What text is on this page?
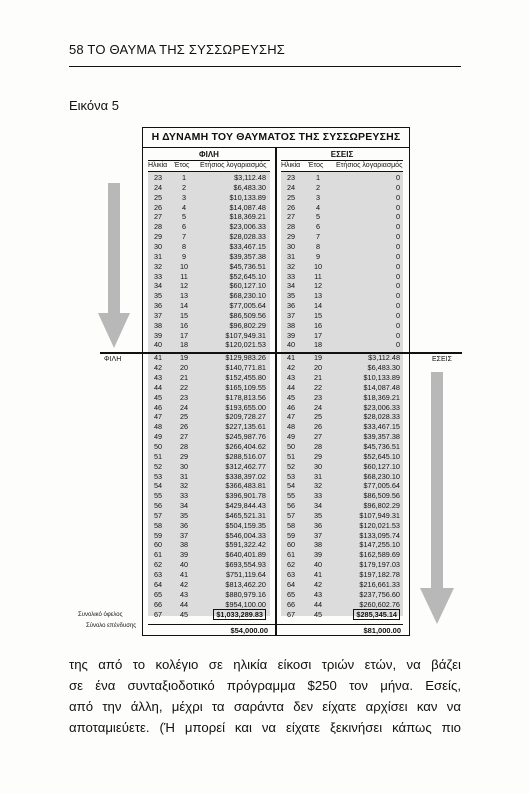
58 ΤΟ ΘΑΥΜΑ ΤΗΣ ΣΥΣΣΩΡΕΥΣΗΣ
Εικόνα 5
Η ΔΥΝΑΜΗ ΤΟΥ ΘΑΥΜΑΤΟΣ ΤΗΣ ΣΥΣΣΩΡΕΥΣΗΣ
ΦΙΛΗ	ΕΣΕΙΣ
Ηλικία Έτος Ετήσιος λογαριασμός Ηλικία Έτος Ετήσιος λογαριασμός
23	1	$3,112.48	23	1	0
24	2	$6,483.30	24	2	0
25	3	$10,133.89	25	3	0
26	4	$14,087.48	26	4	0
27	5	$18,369.21	27	5	0
28	6	$23,006.33	28	6	0
29	7	$28,028.33	29	7	0
30	8	$33,467.15	30	8	0
31	9	$39,357.38	31	9	0
32	10	$45,736.51	32	10	0
33	11	$52,645.10	33	11	0
34	12	$60,127.10	34	12	0
35	13	$68,230.10	35	13	0
36	14	$77,005.64	36	14	0
37	15	$86,509.56	37	15	0
38	16	$96,802.29	38	16	0
39	17	$107,949.31	39	17	0
40	18	$120,021.53	40	18	0
41	19	$129,983.26	41	19	$3,112.48
42	20	$140,771.81	42	20	$6,483.30
43	21	$152,455.80	43	21	$10,133.89
44	22	$165,109.55	44	22	$14,087.48
45	23	$178,813.56	45	23	$18,369.21
46	24	$193,655.00	46	24	$23,006.33
47	25	$209,728.27	47	25	$28,028.33
48	26	$227,135.61	48	26	$33,467.15
49	27	$245,987.76	49	27	$39,357.38
50	28	$266,404.62	50	28	$45,736.51
51	29	$288,516.07	51	29	$52,645.10
52	30	$312,462.77	52	30	$60,127.10
53	31	$338,397.02	53	31	$68,230.10
54	32	$366,483.81	54	32	$77,005.64
55	33	$396,901.78	55	33	$86,509.56
56	34	$429,844.43	56	34	$96,802.29
57	35	$465,521.31	57	35	$107,949.31
58	36	$504,159.35	58	36	$120,021.53
59	37	$546,004.33	59	37	$133,095.74
60	38	$591,322.42	60	38	$147,255.10
61	39	$640,401.89	61	39	$162,589.69
62	40	$693,554.93	62	40	$179,197.03
63	41	$751,119.64	63	41	$197,182.78
64	42	$813,462.20	64	42	$216,661.33
65	43	$880,979.16	65	43	$237,756.60
66	44	$954,100.00	66	44	$260,602.76
67	45	$1,033,289.83	67	45	$285,345.14
ΦΙΛΗ	ΕΣΕΙΣ
Συνολικό όφελος
Σύνολο επένδυσης	$54,000.00	$81,000.00
της από το κολέγιο σε ηλικία είκοσι τριών ετών, να βάζει
σε ένα συνταξιοδοτικό πρόγραμμα $250 τον μήνα. Εσείς,
από την άλλη, μέχρι τα σαράντα δεν είχατε αρχίσει καν να
αποταμιεύετε. (Ή μπορεί και να είχατε ξεκινήσει κάπως πιο
